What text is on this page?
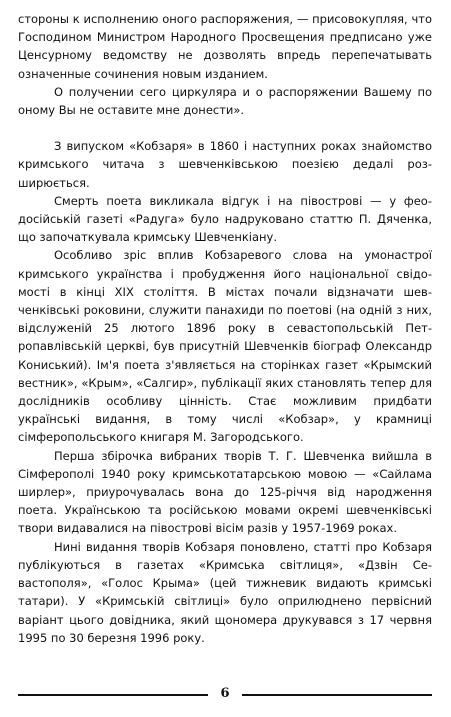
стороны к исполнению оного распоряжения, — присовокупляя, что Господином Министром Народного Просвещения предписано уже Ценсурному ведомству не дозволять впредь перепечатывать означенные сочинения новым изданием.

О получении сего циркуляра и о распоряжении Вашему по оному Вы не оставите мне донести».

З випуском «Кобзаря» в 1860 і наступних роках знайомство кримського читача з шевченківською поезією дедалі розширюється.

Смерть поета викликала відгук і на півострові — у феодосійській газеті «Радуга» було надруковано статтю П. Дяченка, що започаткувала кримську Шевченкіану.

Особливо зріс вплив Кобзаревого слова на умонастрої кримського українства і пробудження його національної свідомості в кінці XIX століття. В містах почали відзначати шевченківські роковини, служити панахиди по поетові (на одній з них, відслуженій 25 лютого 1896 року в севастопольській Петропавлівській церкві, був присутній Шевченків біограф Олександр Кониський). Ім'я поета з'являється на сторінках газет «Крымский вестник», «Крым», «Салгир», публікації яких становлять тепер для дослідників особливу цінність. Стає можливим придбати українські видання, в тому числі «Кобзар», у крамниці сімферопольського книгаря М. Загородського.

Перша збірочка вибраних творів Т. Г. Шевченка вийшла в Сімферополі 1940 року кримськотатарською мовою — «Сайлама ширлер», приурочувалась вона до 125-річчя від народження поета. Українською та російською мовами окремі шевченківські твори видавалися на півострові вісім разів у 1957-1969 роках.

Нині видання творів Кобзаря поновлено, статті про Кобзаря публікуються в газетах «Кримська світлиця», «Дзвін Севастополя», «Голос Крыма» (цей тижневик видають кримські татари). У «Кримській світлиці» було оприлюднено первісний варіант цього довідника, який щономера друкувався з 17 червня 1995 по 30 березня 1996 року.

6
